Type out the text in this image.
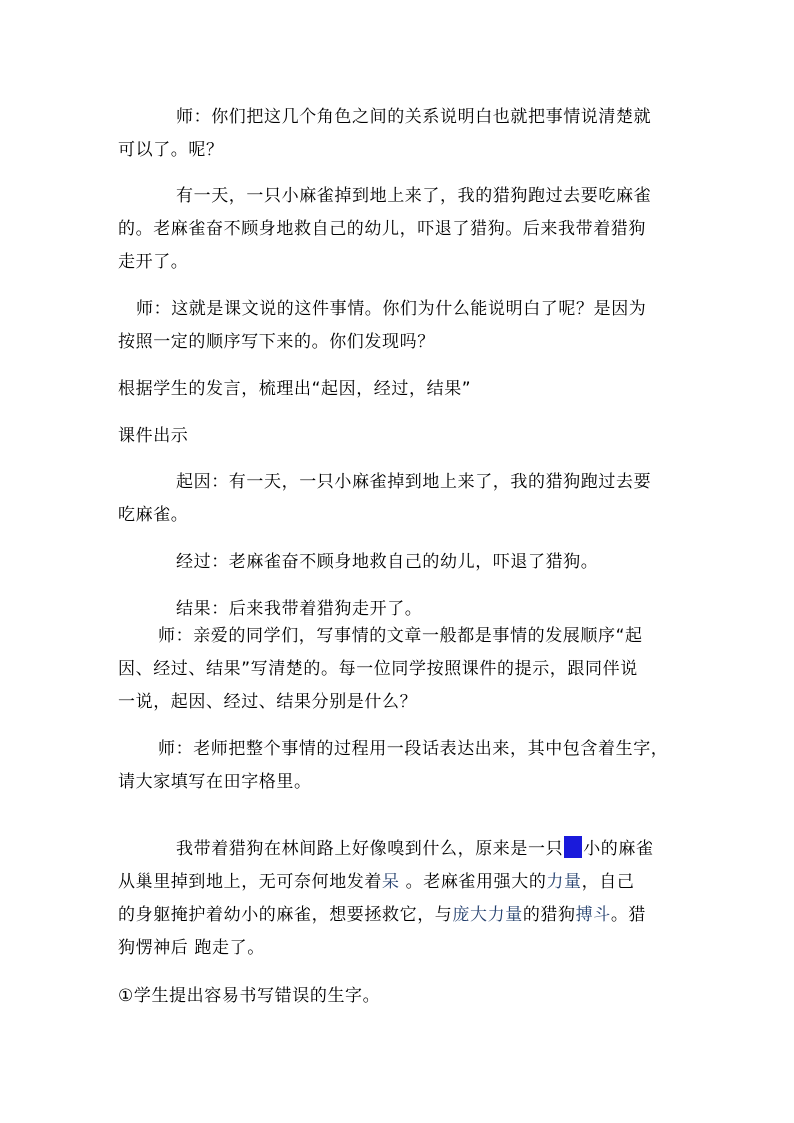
师：你们把这几个角色之间的关系说明白也就把事情说清楚就
可以了。呢？
有一天，一只小麻雀掉到地上来了，我的猎狗跑过去要吃麻雀
的。老麻雀奋不顾身地救自己的幼儿，吓退了猎狗。后来我带着猎狗
走开了。
师：这就是课文说的这件事情。你们为什么能说明白了呢？是因为
按照一定的顺序写下来的。你们发现吗？
根据学生的发言，梳理出“起因，经过，结果”
课件出示
起因：有一天，一只小麻雀掉到地上来了，我的猎狗跑过去要
吃麻雀。
经过：老麻雀奋不顾身地救自己的幼儿，吓退了猎狗。
结果：后来我带着猎狗走开了。
师：亲爱的同学们，写事情的文章一般都是事情的发展顺序“起
因、经过、结果”写清楚的。每一位同学按照课件的提示，跟同伴说
一说，起因、经过、结果分别是什么？
师：老师把整个事情的过程用一段话表达出来，其中包含着生字，
请大家填写在田字格里。
我带着猎狗在林间路上好像嗅到什么，原来是一只 小的麻雀
从巢里掉到地上，无可奈何地发着呆 。老麻雀用强大的力量，自己
的身躯掩护着幼小的麻雀，想要拯救它，与庞大力量的猎狗搏斗。猎
狗愣神后 跑走了。
①学生提出容易书写错误的生字。
